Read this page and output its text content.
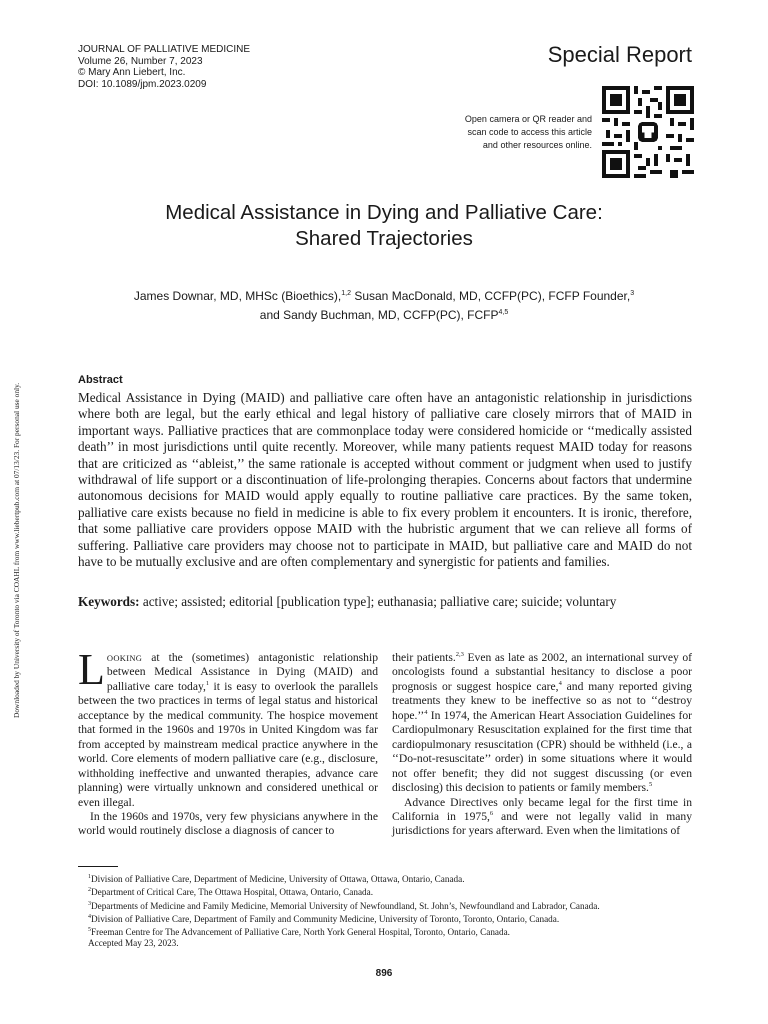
JOURNAL OF PALLIATIVE MEDICINE
Volume 26, Number 7, 2023
© Mary Ann Liebert, Inc.
DOI: 10.1089/jpm.2023.0209
Special Report
Open camera or QR reader and
scan code to access this article
and other resources online.
Medical Assistance in Dying and Palliative Care:
Shared Trajectories
James Downar, MD, MHSc (Bioethics),$^{1,2}$ Susan MacDonald, MD, CCFP(PC), FCFP Founder,$^3$
and Sandy Buchman, MD, CCFP(PC), FCFP$^{4,5}$
Downloaded by University of Toronto via COAHL from www.liebertpub.com at 07/13/23. For personal use only.
Abstract
Medical Assistance in Dying (MAID) and palliative care often have an antagonistic relationship in jurisdictions where both are legal, but the early ethical and legal history of palliative care closely mirrors that of MAID in important ways. Palliative practices that are commonplace today were considered homicide or ‘‘medically assisted death’’ in most jurisdictions until quite recently. Moreover, while many patients request MAID today for reasons that are criticized as ‘‘ableist,’’ the same rationale is accepted without comment or judgment when used to justify withdrawal of life support or a discontinuation of life-prolonging therapies. Concerns about factors that undermine autonomous decisions for MAID would apply equally to routine palliative care practices. By the same token, palliative care exists because no field in medicine is able to fix every problem it encounters. It is ironic, therefore, that some palliative care providers oppose MAID with the hubristic argument that we can relieve all forms of suffering. Palliative care providers may choose not to participate in MAID, but palliative care and MAID do not have to be mutually exclusive and are often complementary and synergistic for patients and families.
Keywords: active; assisted; editorial [publication type]; euthanasia; palliative care; suicide; voluntary

LOOKING at the (sometimes) antagonistic relationship between Medical Assistance in Dying (MAID) and palliative care today,$^1$ it is easy to overlook the parallels between the two practices in terms of legal status and historical acceptance by the medical community. The hospice movement that formed in the 1960s and 1970s in United Kingdom was far from accepted by mainstream medical practice anywhere in the world. Core elements of modern palliative care (e.g., disclosure, withholding ineffective and unwanted therapies, advance care planning) were virtually unknown and considered unethical or even illegal.

In the 1960s and 1970s, very few physicians anywhere in the world would routinely disclose a diagnosis of cancer to

their patients.$^{2,3}$ Even as late as 2002, an international survey of oncologists found a substantial hesitancy to disclose a poor prognosis or suggest hospice care,$^4$ and many reported giving treatments they knew to be ineffective so as not to ‘‘destroy hope.’’$^4$ In 1974, the American Heart Association Guidelines for Cardiopulmonary Resuscitation explained for the first time that cardiopulmonary resuscitation (CPR) should be withheld (i.e., a ‘‘Do-not-resuscitate’’ order) in some situations where it would not offer benefit; they did not suggest discussing (or even disclosing) this decision to patients or family members.$^5$

Advance Directives only became legal for the first time in California in 1975,$^6$ and were not legally valid in many jurisdictions for years afterward. Even when the limitations of

$^1$Division of Palliative Care, Department of Medicine, University of Ottawa, Ottawa, Ontario, Canada.
$^2$Department of Critical Care, The Ottawa Hospital, Ottawa, Ontario, Canada.
$^3$Departments of Medicine and Family Medicine, Memorial University of Newfoundland, St. John’s, Newfoundland and Labrador, Canada.
$^4$Division of Palliative Care, Department of Family and Community Medicine, University of Toronto, Toronto, Ontario, Canada.
$^5$Freeman Centre for The Advancement of Palliative Care, North York General Hospital, Toronto, Ontario, Canada.
Accepted May 23, 2023.
896
